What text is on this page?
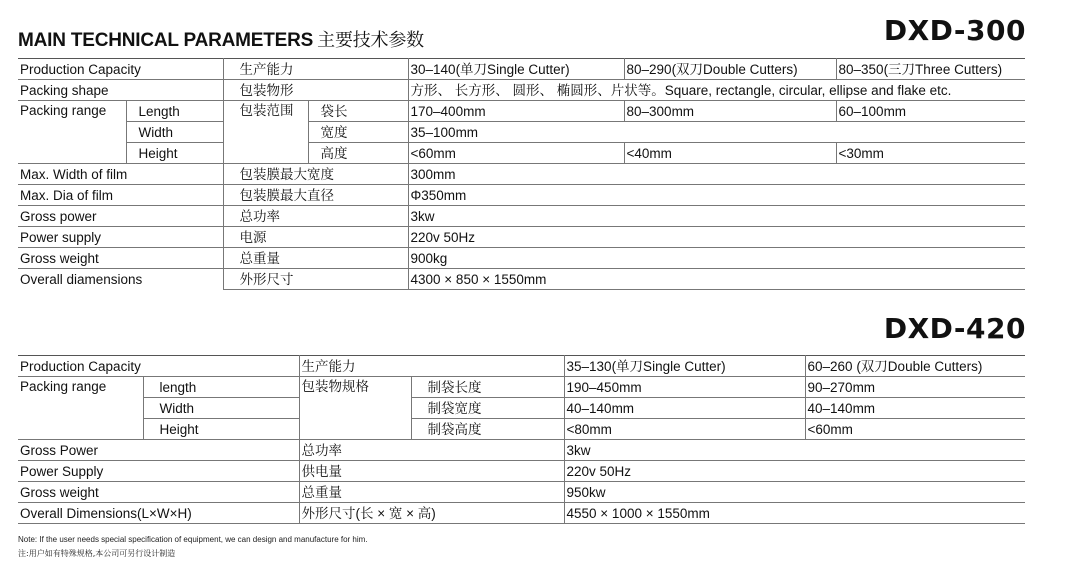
MAIN TECHNICAL PARAMETERS 主要技术参数	DXD-300
Production Capacity		生产能力		30–140(单刀Single Cutter)	80–290(双刀Double Cutters)	80–350(三刀Three Cutters)
Packing shape		包装物形		方形、 长方形、 圆形、 椭圆形、片状等。Square, rectangle, circular, ellipse and flake etc.		
Packing range	Length	包装范围	袋长	170–400mm	80–300mm	60–100mm
	Width		宽度	35–100mm		
	Height		高度	<60mm	<40mm	<30mm
Max. Width of film		包装膜最大宽度		300mm		
Max. Dia of film		包装膜最大直径		Φ350mm		
Gross power		总功率		3kw		
Power supply		电源		220v 50Hz		
Gross weight		总重量		900kg		
Overall diamensions		外形尺寸		4300 × 850 × 1550mm		
DXD-420
Production Capacity		生产能力		35–130(单刀Single Cutter)	60–260 (双刀Double Cutters)
Packing range	length	包装物规格	制袋长度	190–450mm	90–270mm
	Width		制袋宽度	40–140mm	40–140mm
	Height		制袋高度	<80mm	<60mm
Gross Power		总功率		3kw	
Power Supply		供电量		220v 50Hz	
Gross weight		总重量		950kw	
Overall Dimensions(L×W×H)		外形尺寸(长 × 宽 × 高)		4550 × 1000 × 1550mm	
Note: If the user needs special specification of equipment, we can design and manufacture for him.
注:用户如有特殊规格,本公司可另行设计制造
